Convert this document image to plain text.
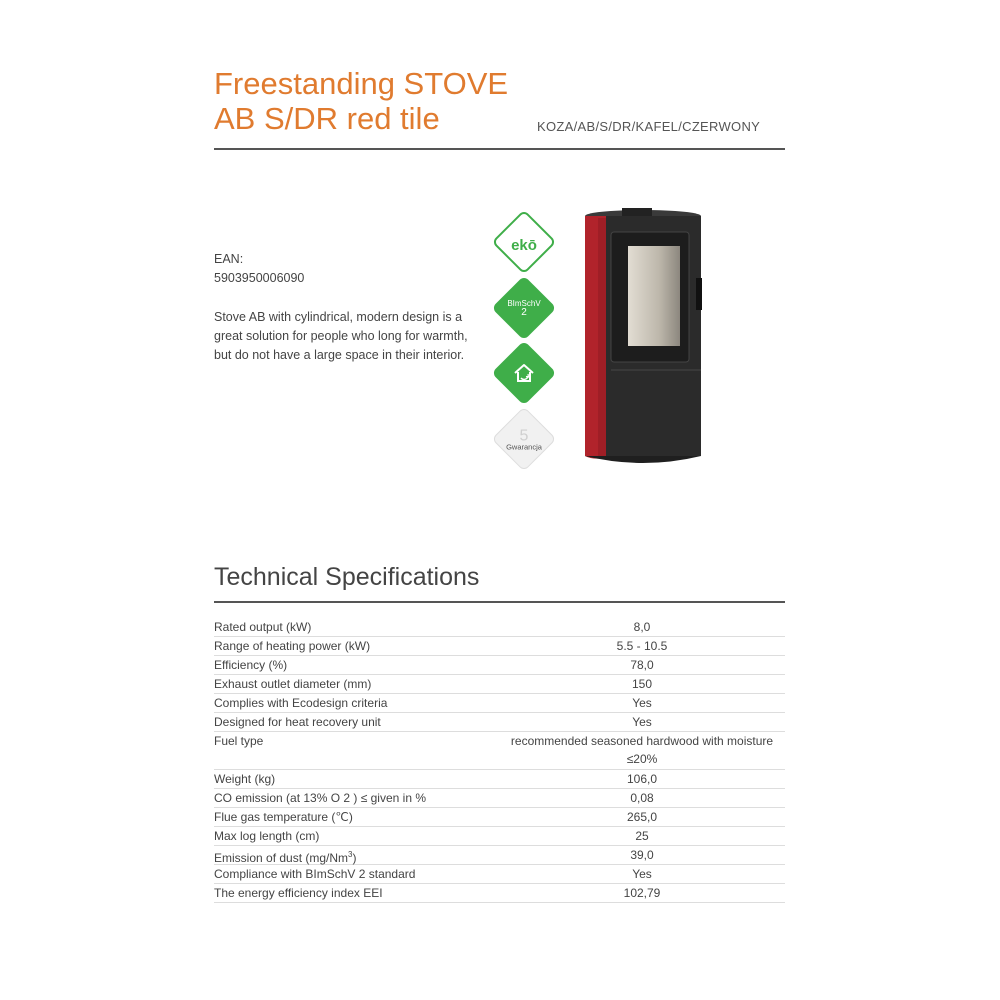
Freestanding STOVE
AB S/DR red tile	KOZA/AB/S/DR/KAFEL/CZERWONY
EAN:
5903950006090
Stove AB with cylindrical, modern design is a great solution for people who long for warmth, but do not have a large space in their interior.
ekō
BImSchV
2
5
Gwarancja
Technical Specifications
Rated output (kW)	8,0
Range of heating power (kW)	5.5 - 10.5
Efficiency (%)	78,0
Exhaust outlet diameter (mm)	150
Complies with Ecodesign criteria	Yes
Designed for heat recovery unit	Yes
Fuel type	recommended seasoned hardwood with moisture
≤20%
Weight (kg)	106,0
CO emission (at 13% O 2 ) ≤ given in %	0,08
Flue gas temperature (℃)	265,0
Max log length (cm)	25
Emission of dust (mg/Nm$^3$)	39,0
Compliance with BImSchV 2 standard	Yes
The energy efficiency index EEI	102,79
